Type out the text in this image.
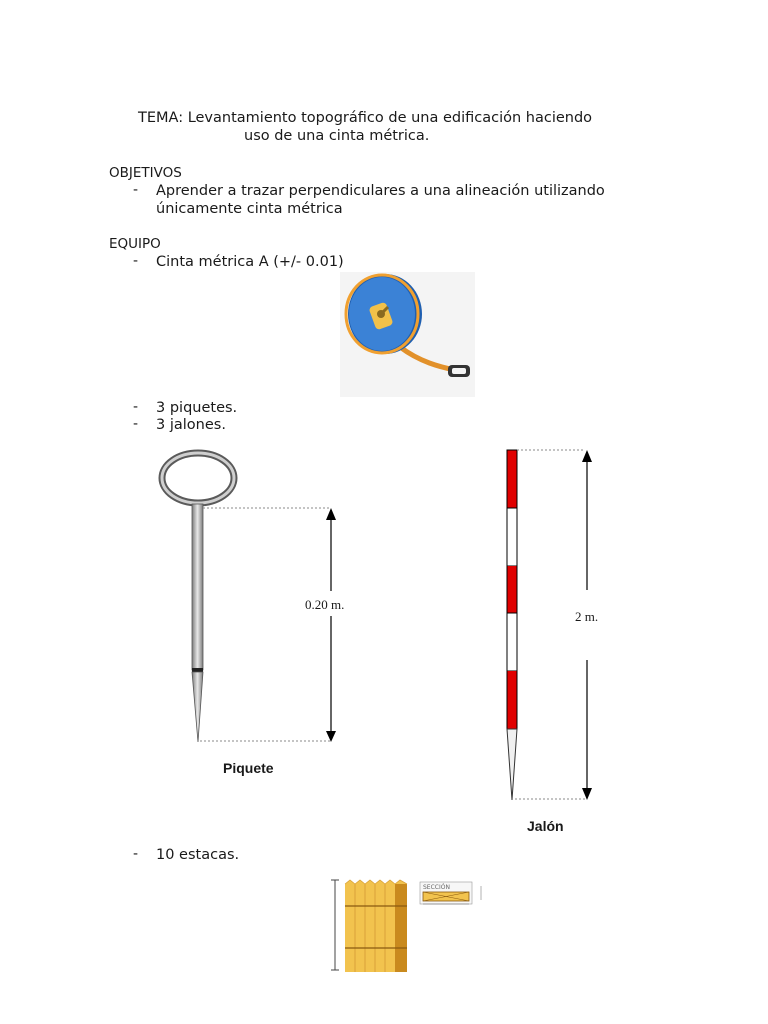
TEMA: Levantamiento topográfico de una edificación haciendo
uso de una cinta métrica.
OBJETIVOS
- Aprender a trazar perpendiculares a una alineación utilizando
únicamente cinta métrica
EQUIPO
- Cinta métrica A (+/- 0.01)
- 3 piquetes.
- 3 jalones.
0.20 m.
Piquete
2 m.
Jalón
- 10 estacas.
SECCIÓN
